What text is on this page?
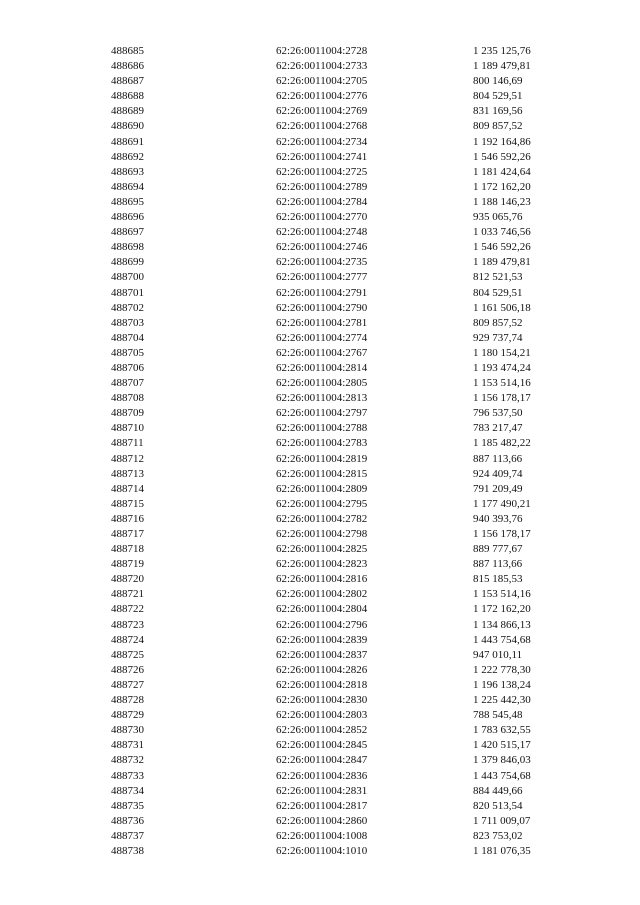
488685	62:26:0011004:2728	1 235 125,76
488686	62:26:0011004:2733	1 189 479,81
488687	62:26:0011004:2705	800 146,69
488688	62:26:0011004:2776	804 529,51
488689	62:26:0011004:2769	831 169,56
488690	62:26:0011004:2768	809 857,52
488691	62:26:0011004:2734	1 192 164,86
488692	62:26:0011004:2741	1 546 592,26
488693	62:26:0011004:2725	1 181 424,64
488694	62:26:0011004:2789	1 172 162,20
488695	62:26:0011004:2784	1 188 146,23
488696	62:26:0011004:2770	935 065,76
488697	62:26:0011004:2748	1 033 746,56
488698	62:26:0011004:2746	1 546 592,26
488699	62:26:0011004:2735	1 189 479,81
488700	62:26:0011004:2777	812 521,53
488701	62:26:0011004:2791	804 529,51
488702	62:26:0011004:2790	1 161 506,18
488703	62:26:0011004:2781	809 857,52
488704	62:26:0011004:2774	929 737,74
488705	62:26:0011004:2767	1 180 154,21
488706	62:26:0011004:2814	1 193 474,24
488707	62:26:0011004:2805	1 153 514,16
488708	62:26:0011004:2813	1 156 178,17
488709	62:26:0011004:2797	796 537,50
488710	62:26:0011004:2788	783 217,47
488711	62:26:0011004:2783	1 185 482,22
488712	62:26:0011004:2819	887 113,66
488713	62:26:0011004:2815	924 409,74
488714	62:26:0011004:2809	791 209,49
488715	62:26:0011004:2795	1 177 490,21
488716	62:26:0011004:2782	940 393,76
488717	62:26:0011004:2798	1 156 178,17
488718	62:26:0011004:2825	889 777,67
488719	62:26:0011004:2823	887 113,66
488720	62:26:0011004:2816	815 185,53
488721	62:26:0011004:2802	1 153 514,16
488722	62:26:0011004:2804	1 172 162,20
488723	62:26:0011004:2796	1 134 866,13
488724	62:26:0011004:2839	1 443 754,68
488725	62:26:0011004:2837	947 010,11
488726	62:26:0011004:2826	1 222 778,30
488727	62:26:0011004:2818	1 196 138,24
488728	62:26:0011004:2830	1 225 442,30
488729	62:26:0011004:2803	788 545,48
488730	62:26:0011004:2852	1 783 632,55
488731	62:26:0011004:2845	1 420 515,17
488732	62:26:0011004:2847	1 379 846,03
488733	62:26:0011004:2836	1 443 754,68
488734	62:26:0011004:2831	884 449,66
488735	62:26:0011004:2817	820 513,54
488736	62:26:0011004:2860	1 711 009,07
488737	62:26:0011004:1008	823 753,02
488738	62:26:0011004:1010	1 181 076,35
